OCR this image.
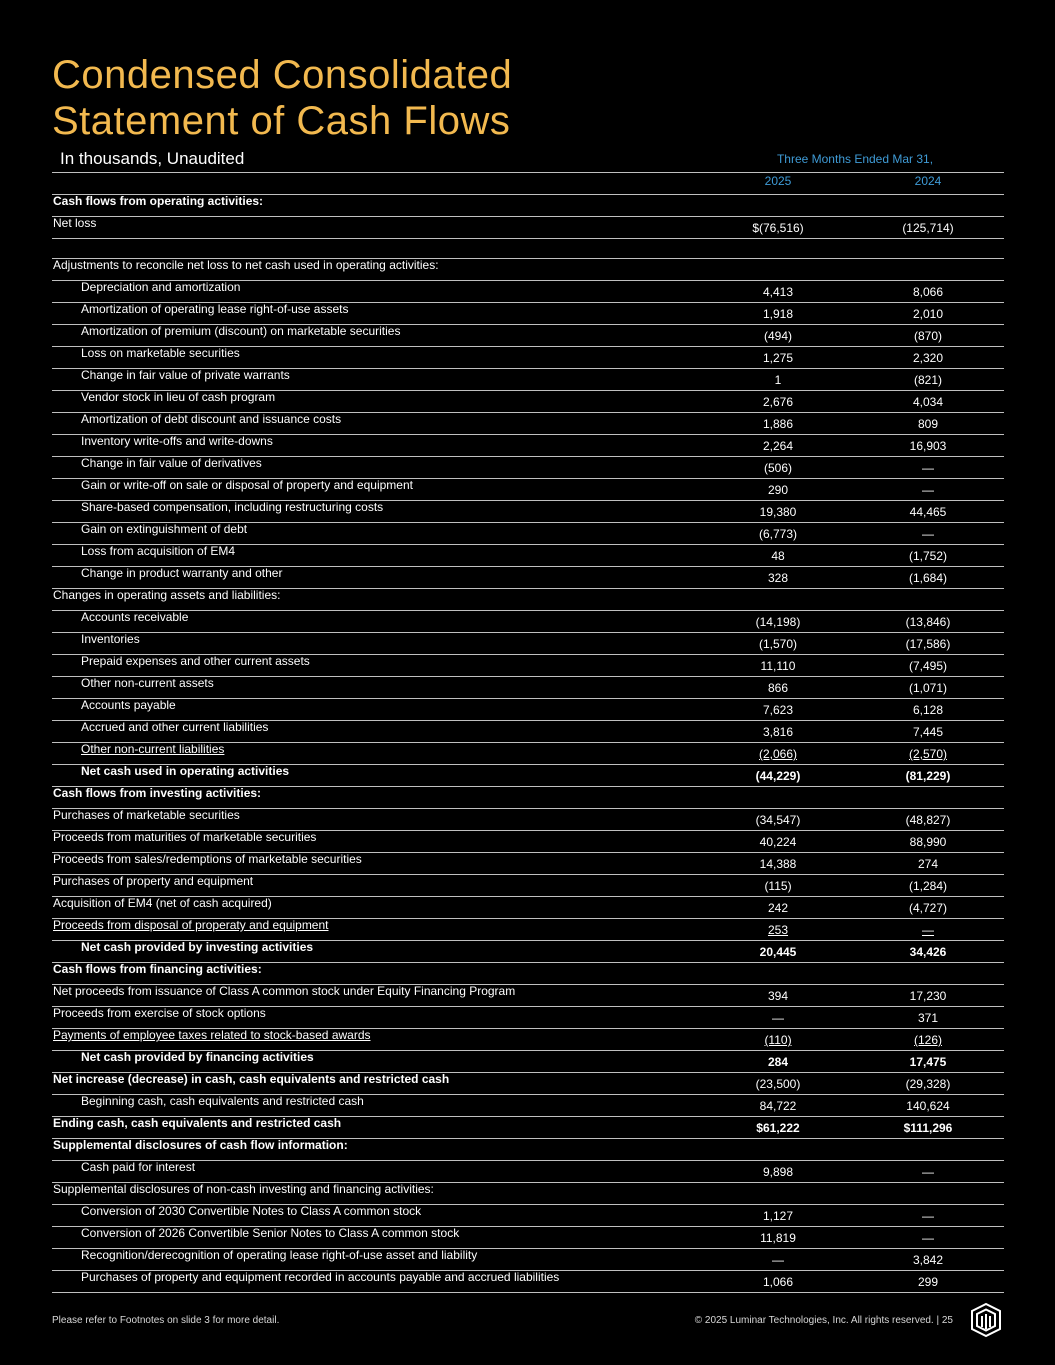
Condensed Consolidated
Statement of Cash Flows
In thousands, Unaudited	Three Months Ended Mar 31,
2025	2024
Cash flows from operating activities:
Net loss	$(76,516)	(125,714)
Adjustments to reconcile net loss to net cash used in operating activities:
Depreciation and amortization	4,413	8,066
Amortization of operating lease right-of-use assets	1,918	2,010
Amortization of premium (discount) on marketable securities	(494)	(870)
Loss on marketable securities	1,275	2,320
Change in fair value of private warrants	1	(821)
Vendor stock in lieu of cash program	2,676	4,034
Amortization of debt discount and issuance costs	1,886	809
Inventory write-offs and write-downs	2,264	16,903
Change in fair value of derivatives	(506)	—
Gain or write-off on sale or disposal of property and equipment	290	—
Share-based compensation, including restructuring costs	19,380	44,465
Gain on extinguishment of debt	(6,773)	—
Loss from acquisition of EM4	48	(1,752)
Change in product warranty and other	328	(1,684)
Changes in operating assets and liabilities:
Accounts receivable	(14,198)	(13,846)
Inventories	(1,570)	(17,586)
Prepaid expenses and other current assets	11,110	(7,495)
Other non-current assets	866	(1,071)
Accounts payable	7,623	6,128
Accrued and other current liabilities	3,816	7,445
Other non-current liabilities	(2,066)	(2,570)
Net cash used in operating activities	(44,229)	(81,229)
Cash flows from investing activities:
Purchases of marketable securities	(34,547)	(48,827)
Proceeds from maturities of marketable securities	40,224	88,990
Proceeds from sales/redemptions of marketable securities	14,388	274
Purchases of property and equipment	(115)	(1,284)
Acquisition of EM4 (net of cash acquired)	242	(4,727)
Proceeds from disposal of properaty and equipment	253	—
Net cash provided by investing activities	20,445	34,426
Cash flows from financing activities:
Net proceeds from issuance of Class A common stock under Equity Financing Program	394	17,230
Proceeds from exercise of stock options	—	371
Payments of employee taxes related to stock-based awards	(110)	(126)
Net cash provided by financing activities	284	17,475
Net increase (decrease) in cash, cash equivalents and restricted cash	(23,500)	(29,328)
Beginning cash, cash equivalents and restricted cash	84,722	140,624
Ending cash, cash equivalents and restricted cash	$61,222	$111,296
Supplemental disclosures of cash flow information:
Cash paid for interest	9,898	—
Supplemental disclosures of non-cash investing and financing activities:
Conversion of 2030 Convertible Notes to Class A common stock	1,127	—
Conversion of 2026 Convertible Senior Notes to Class A common stock	11,819	—
Recognition/derecognition of operating lease right-of-use asset and liability	—	3,842
Purchases of property and equipment recorded in accounts payable and accrued liabilities	1,066	299
Please refer to Footnotes on slide 3 for more detail.	© 2025 Luminar Technologies, Inc. All rights reserved. | 25
